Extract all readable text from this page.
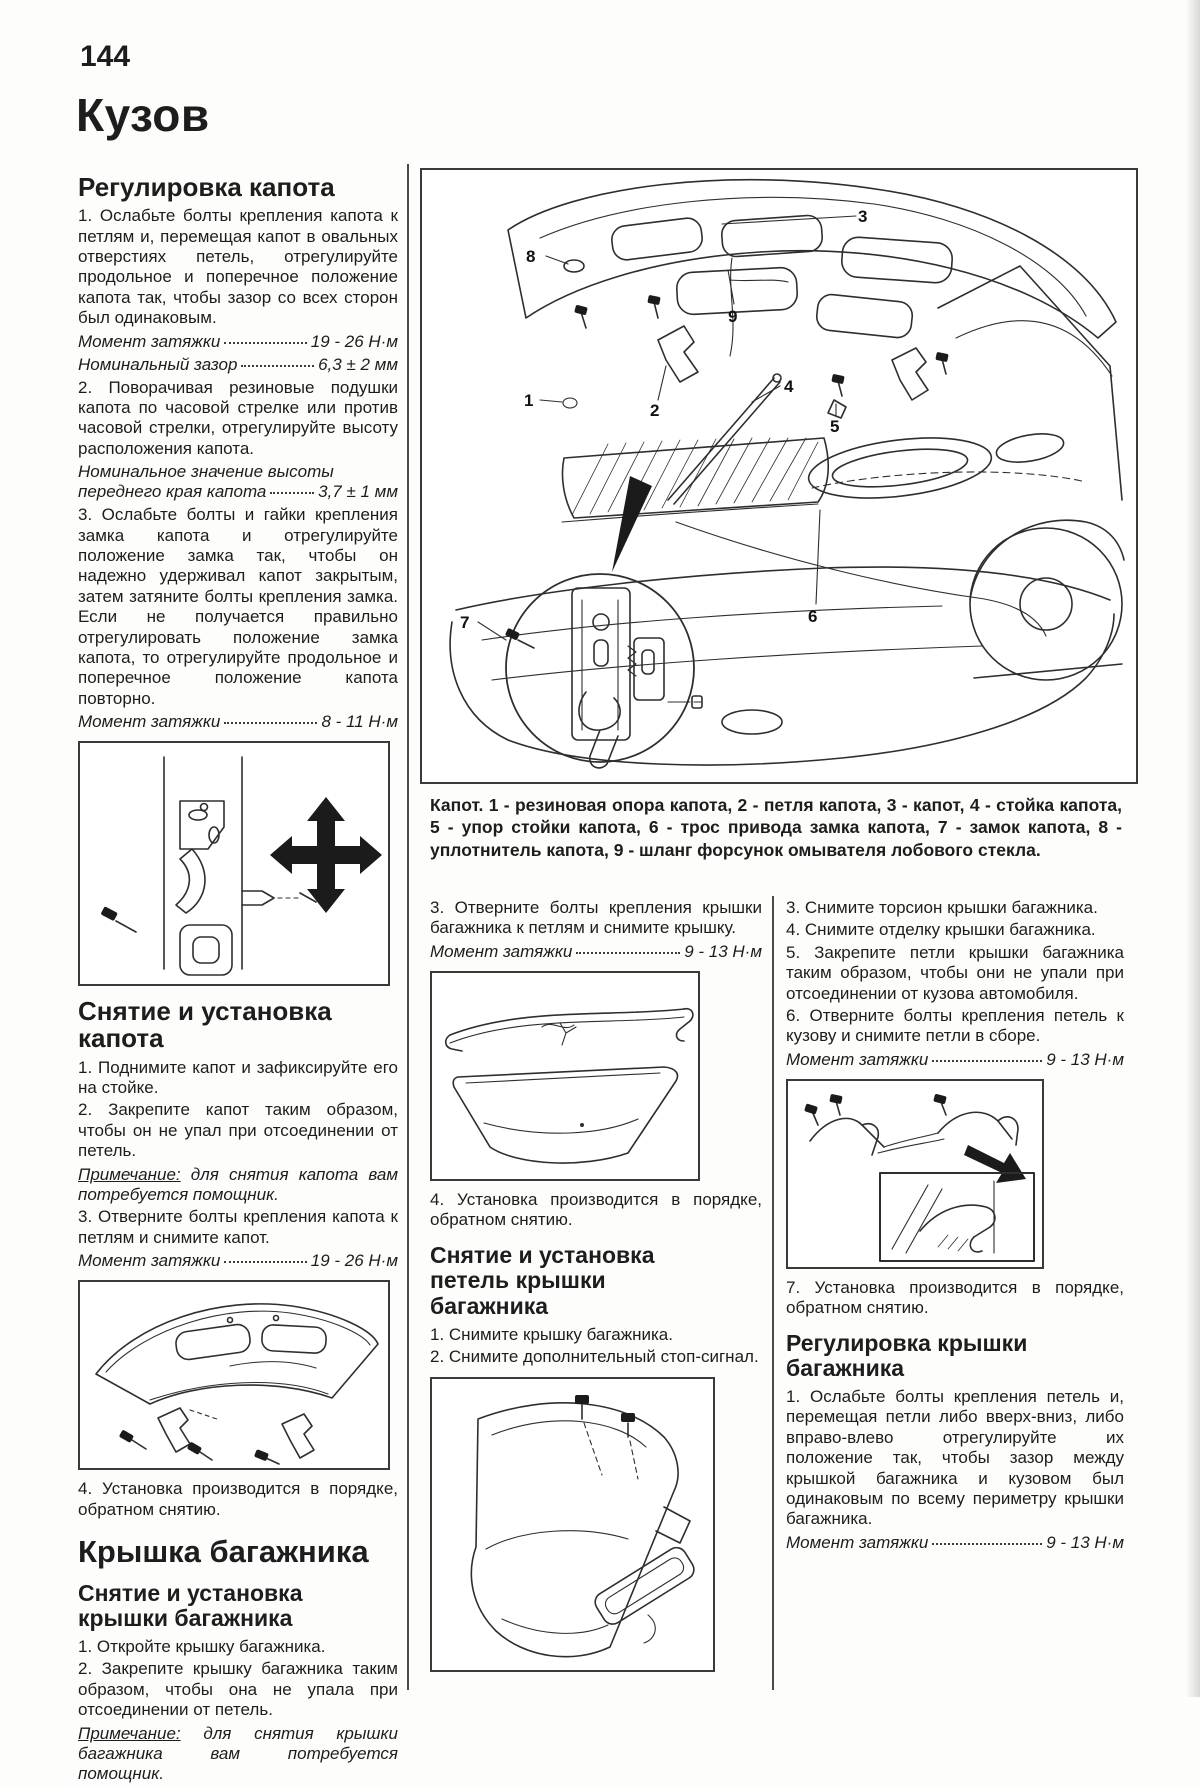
144
Кузов
Регулировка капота

1. Ослабьте болты крепления капота к петлям и, перемещая капот в овальных отверстиях петель, отрегулируйте продольное и поперечное положение капота так, чтобы зазор со всех сторон был одинаковым.

Момент затяжки	19 - 26 Н·м
Номинальный зазор	6,3 ± 2 мм

2. Поворачивая резиновые подушки капота по часовой стрелке или против часовой стрелки, отрегулируйте высоту расположения капота.

Номинальное значение высоты
переднего края капота	3,7 ± 1 мм

3. Ослабьте болты и гайки крепления замка капота и отрегулируйте положение замка так, чтобы он надежно удерживал капот закрытым, затем затяните болты крепления замка. Если не получается правильно отрегулировать положение замка капота, то отрегулируйте продольное и поперечное положение капота повторно.

Момент затяжки	8 - 11 Н·м
Снятие и установка капота

1. Поднимите капот и зафиксируйте его на стойке.

2. Закрепите капот таким образом, чтобы он не упал при отсоединении от петель.

Примечание: для снятия капота вам потребуется помощник.

3. Отверните болты крепления капота к петлям и снимите капот.

Момент затяжки	19 - 26 Н·м

4. Установка производится в порядке, обратном снятию.

Крышка багажника
Снятие и установка крышки багажника

1. Откройте крышку багажника.

2. Закрепите крышку багажника таким образом, чтобы она не упала при отсоединении от петель.

Примечание: для снятия крышки багажника вам потребуется помощник.

8
3
9
1
2
4
5
6
7
Капот. 1 - резиновая опора капота, 2 - петля капота, 3 - капот, 4 - стойка капота, 5 - упор стойки капота, 6 - трос привода замка капота, 7 - замок капота, 8 - уплотнитель капота, 9 - шланг форсунок омывателя лобового стекла.

3. Отверните болты крепления крышки багажника к петлям и снимите крышку.

Момент затяжки	9 - 13 Н·м

4. Установка производится в порядке, обратном снятию.

Снятие и установка петель крышки багажника

1. Снимите крышку багажника.

2. Снимите дополнительный стоп-сигнал.

3. Снимите торсион крышки багажника.

4. Снимите отделку крышки багажника.

5. Закрепите петли крышки багажника таким образом, чтобы они не упали при отсоединении от кузова автомобиля.

6. Отверните болты крепления петель к кузову и снимите петли в сборе.

Момент затяжки	9 - 13 Н·м

7. Установка производится в порядке, обратном снятию.

Регулировка крышки багажника

1. Ослабьте болты крепления петель и, перемещая петли либо вверх-вниз, либо вправо-влево отрегулируйте их положение так, чтобы зазор между крышкой багажника и кузовом был одинаковым по всему периметру крышки багажника.

Момент затяжки	9 - 13 Н·м
